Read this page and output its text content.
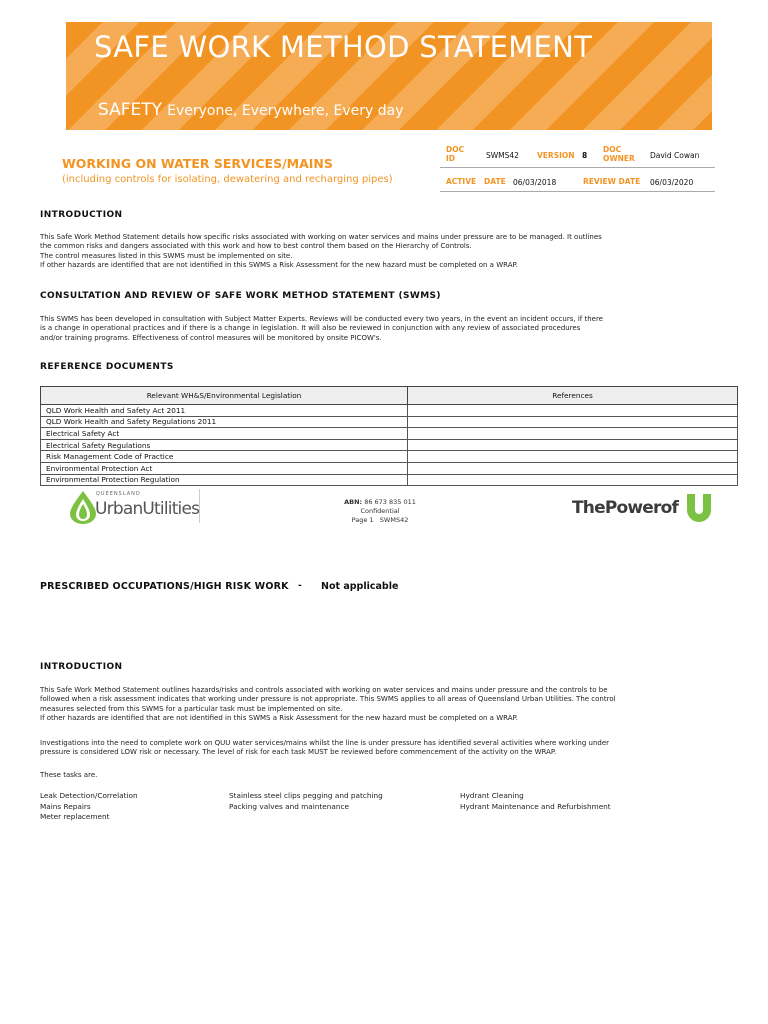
SAFE WORK METHOD STATEMENT
SAFETY Everyone, Everywhere, Every day
WORKING ON WATER SERVICES/MAINS
(including controls for isolating, dewatering and recharging pipes)
DOC ID	SWMS42 VERSION 8
DOC OWNER David Cowan
ACTIVE DATE 06/03/2018	REVIEW DATE 06/03/2020
INTRODUCTION
This Safe Work Method Statement details how specific risks associated with working on water services and mains under pressure are to be managed. It outlines
the common risks and dangers associated with this work and how to best control them based on the Hierarchy of Controls.
The control measures listed in this SWMS must be implemented on site.
If other hazards are identified that are not identified in this SWMS a Risk Assessment for the new hazard must be completed on a WRAP.
CONSULTATION AND REVIEW OF SAFE WORK METHOD STATEMENT (SWMS)
This SWMS has been developed in consultation with Subject Matter Experts. Reviews will be conducted every two years, in the event an incident occurs, if there
is a change in operational practices and if there is a change in legislation. It will also be reviewed in conjunction with any review of associated procedures
and/or training programs. Effectiveness of control measures will be monitored by onsite PICOW's.
REFERENCE DOCUMENTS
Relevant WH&S/Environmental Legislation	References
QLD Work Health and Safety Act 2011	
QLD Work Health and Safety Regulations 2011	
Electrical Safety Act	
Electrical Safety Regulations	
Risk Management Code of Practice	
Environmental Protection Act	
Environmental Protection Regulation	
QUEENSLAND
UrbanUtilities	ABN: 86 673 835 011
Confidential
Page 1 SWMS42
ThePowerof	U
PRESCRIBED OCCUPATIONS/HIGH RISK WORK - Not applicable
INTRODUCTION
This Safe Work Method Statement outlines hazards/risks and controls associated with working on water services and mains under pressure and the controls to be
followed when a risk assessment indicates that working under pressure is not appropriate. This SWMS applies to all areas of Queensland Urban Utilities. The control
measures selected from this SWMS for a particular task must be implemented on site.
If other hazards are identified that are not identified in this SWMS a Risk Assessment for the new hazard must be completed on a WRAP.
Investigations into the need to complete work on QUU water services/mains whilst the line is under pressure has identified several activities where working under
pressure is considered LOW risk or necessary. The level of risk for each task MUST be reviewed before commencement of the activity on the WRAP.
These tasks are.
Leak Detection/Correlation
Mains Repairs
Meter replacement
Stainless steel clips pegging and patching
Packing valves and maintenance
Hydrant Cleaning
Hydrant Maintenance and Refurbishment
